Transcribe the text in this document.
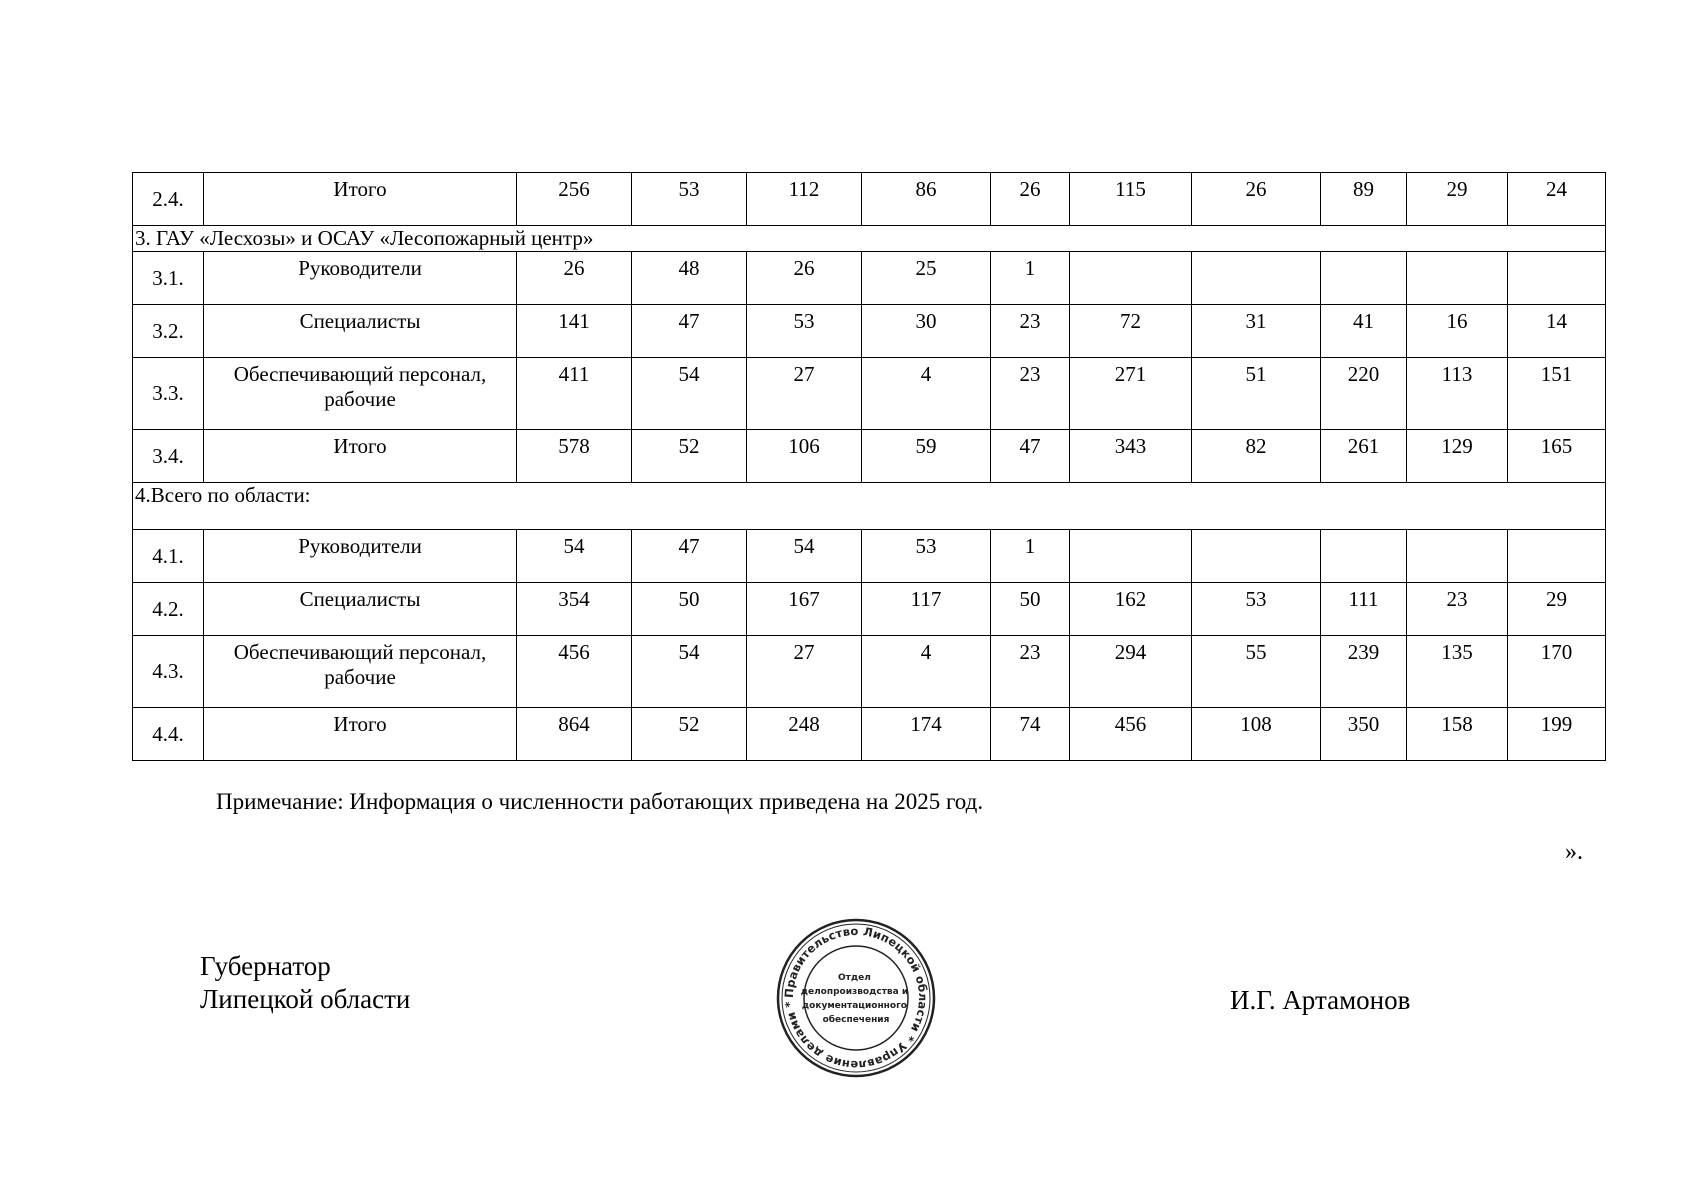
2.4.	Итого	256	53	112	86	26	115	26	89	29	24
3. ГАУ «Лесхозы» и ОСАУ «Лесопожарный центр»											
3.1.	Руководители	26	48	26	25	1					
3.2.	Специалисты	141	47	53	30	23	72	31	41	16	14
3.3.	Обеспечивающий персонал, рабочие	411	54	27	4	23	271	51	220	113	151
3.4.	Итого	578	52	106	59	47	343	82	261	129	165
4.Всего по области:											
4.1.	Руководители	54	47	54	53	1					
4.2.	Специалисты	354	50	167	117	50	162	53	111	23	29
4.3.	Обеспечивающий персонал, рабочие	456	54	27	4	23	294	55	239	135	170
4.4.	Итого	864	52	248	174	74	456	108	350	158	199
Примечание: Информация о численности работающих приведена на 2025 год.
».
Губернатор
Липецкой области	И.Г. Артамонов
Правительство Липецкой области * Управление делами *
Отдел делопроизводства и документационного обеспечения
